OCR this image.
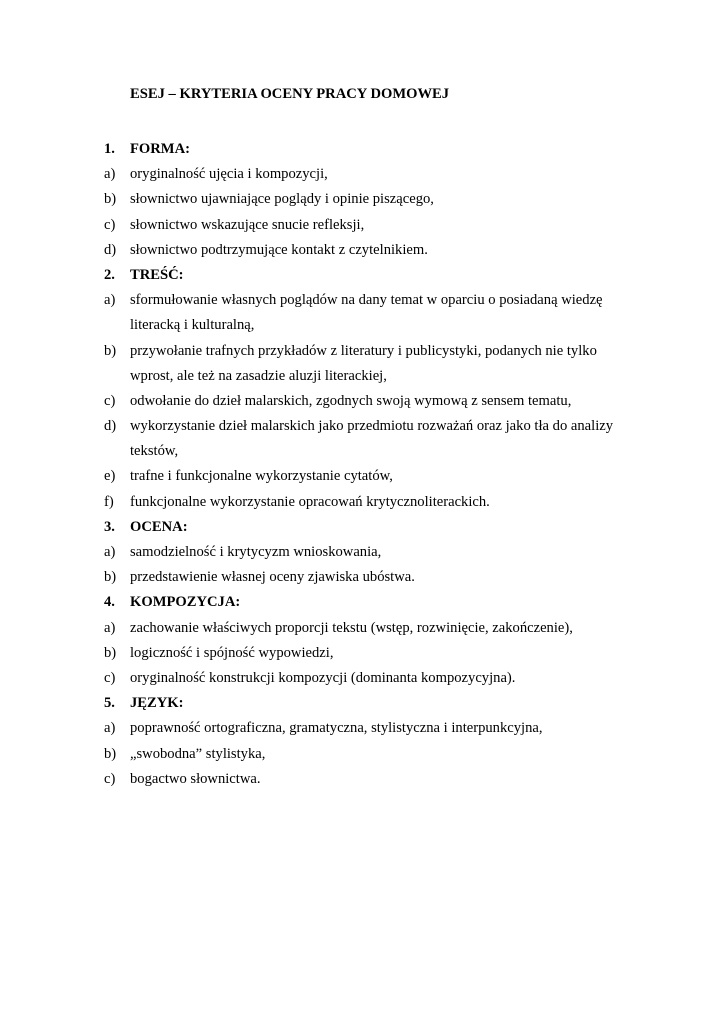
ESEJ – KRYTERIA OCENY PRACY DOMOWEJ
1. FORMA:
a) oryginalność ujęcia i kompozycji,
b) słownictwo ujawniające poglądy i opinie piszącego,
c) słownictwo wskazujące snucie refleksji,
d) słownictwo podtrzymujące kontakt z czytelnikiem.
2. TREŚĆ:
a) sformułowanie własnych poglądów na dany temat w oparciu o posiadaną wiedzę
literacką i kulturalną,
b) przywołanie trafnych przykładów z literatury i publicystyki, podanych nie tylko
wprost, ale też na zasadzie aluzji literackiej,
c) odwołanie do dzieł malarskich, zgodnych swoją wymową z sensem tematu,
d) wykorzystanie dzieł malarskich jako przedmiotu rozważań oraz jako tła do analizy
tekstów,
e) trafne i funkcjonalne wykorzystanie cytatów,
f) funkcjonalne wykorzystanie opracowań krytycznoliterackich.
3. OCENA:
a) samodzielność i krytycyzm wnioskowania,
b) przedstawienie własnej oceny zjawiska ubóstwa.
4. KOMPOZYCJA:
a) zachowanie właściwych proporcji tekstu (wstęp, rozwinięcie, zakończenie),
b) logiczność i spójność wypowiedzi,
c) oryginalność konstrukcji kompozycji (dominanta kompozycyjna).
5. JĘZYK:
a) poprawność ortograficzna, gramatyczna, stylistyczna i interpunkcyjna,
b) „swobodna” stylistyka,
c) bogactwo słownictwa.
